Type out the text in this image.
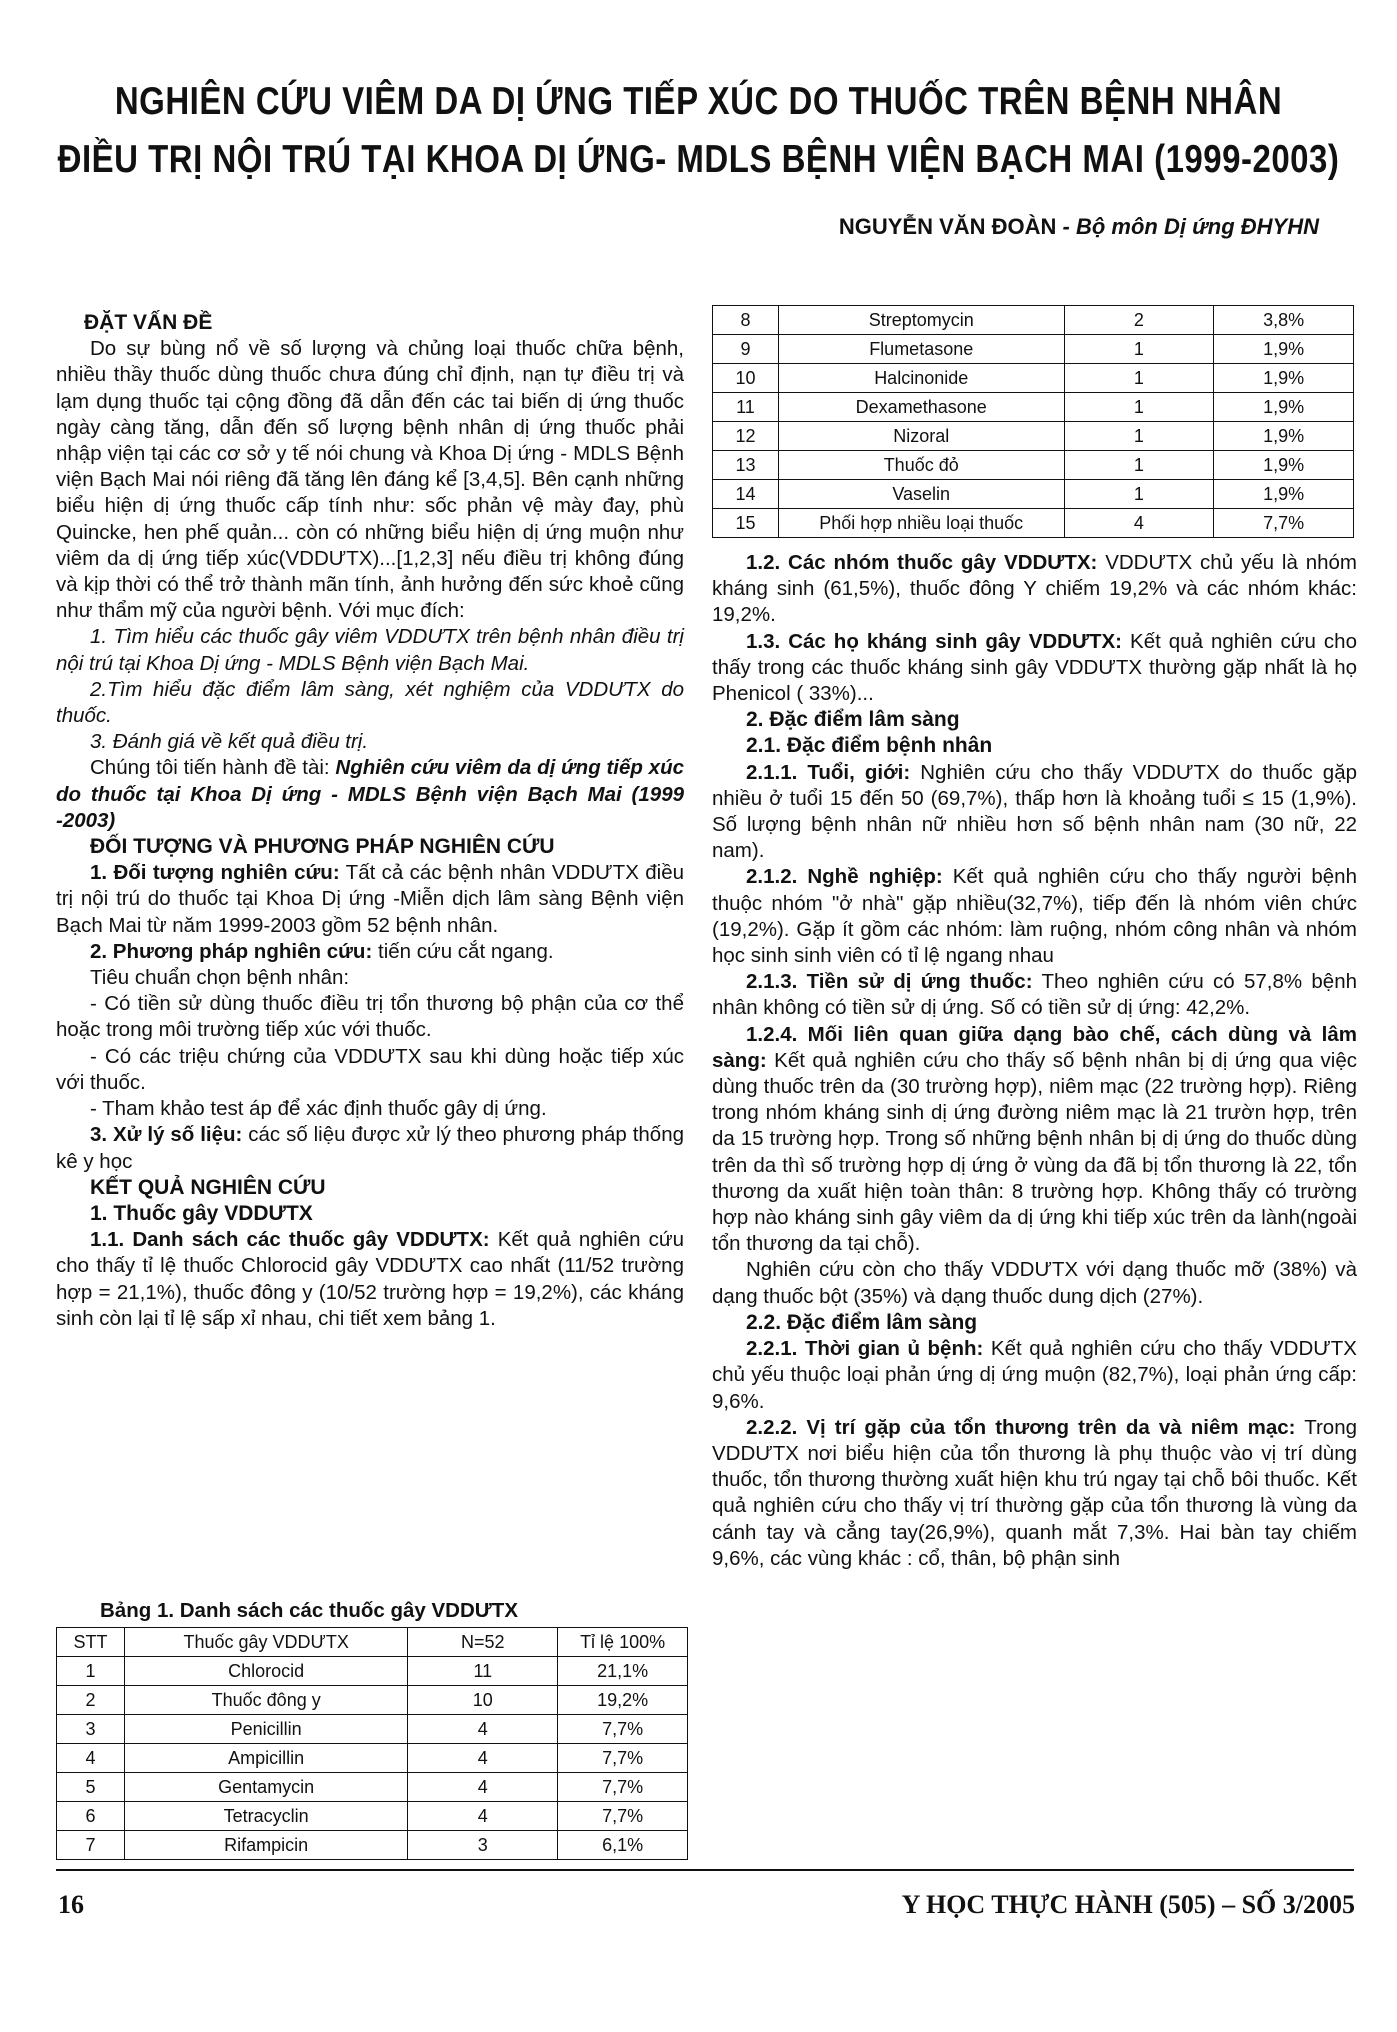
NGHIÊN CỨU VIÊM DA DỊ ỨNG TIẾP XÚC DO THUỐC TRÊN BỆNH NHÂN
ĐIỀU TRỊ NỘI TRÚ TẠI KHOA DỊ ỨNG- MDLS BỆNH VIỆN BẠCH MAI (1999-2003)
NGUYỄN VĂN ĐOÀN - Bộ môn Dị ứng ĐHYHN
ĐẶT VẤN ĐỀ

Do sự bùng nổ về số lượng và chủng loại thuốc chữa bệnh, nhiều thầy thuốc dùng thuốc chưa đúng chỉ định, nạn tự điều trị và lạm dụng thuốc tại cộng đồng đã dẫn đến các tai biến dị ứng thuốc ngày càng tăng, dẫn đến số lượng bệnh nhân dị ứng thuốc phải nhập viện tại các cơ sở y tế nói chung và Khoa Dị ứng - MDLS Bệnh viện Bạch Mai nói riêng đã tăng lên đáng kể [3,4,5]. Bên cạnh những biểu hiện dị ứng thuốc cấp tính như: sốc phản vệ mày đay, phù Quincke, hen phế quản... còn có những biểu hiện dị ứng muộn như viêm da dị ứng tiếp xúc(VDDƯTX)...[1,2,3] nếu điều trị không đúng và kịp thời có thể trở thành mãn tính, ảnh hưởng đến sức khoẻ cũng như thẩm mỹ của người bệnh. Với mục đích:

1. Tìm hiểu các thuốc gây viêm VDDƯTX trên bệnh nhân điều trị nội trú tại Khoa Dị ứng - MDLS Bệnh viện Bạch Mai.

2.Tìm hiểu đặc điểm lâm sàng, xét nghiệm của VDDƯTX do thuốc.

3. Đánh giá về kết quả điều trị.

Chúng tôi tiến hành đề tài: Nghiên cứu viêm da dị ứng tiếp xúc do thuốc tại Khoa Dị ứng - MDLS Bệnh viện Bạch Mai (1999 -2003)

ĐỐI TƯỢNG VÀ PHƯƠNG PHÁP NGHIÊN CỨU

1. Đối tượng nghiên cứu: Tất cả các bệnh nhân VDDƯTX điều trị nội trú do thuốc tại Khoa Dị ứng -Miễn dịch lâm sàng Bệnh viện Bạch Mai từ năm 1999-2003 gồm 52 bệnh nhân.

2. Phương pháp nghiên cứu: tiến cứu cắt ngang.

Tiêu chuẩn chọn bệnh nhân:

- Có tiền sử dùng thuốc điều trị tổn thương bộ phận của cơ thể hoặc trong môi trường tiếp xúc với thuốc.

- Có các triệu chứng của VDDƯTX sau khi dùng hoặc tiếp xúc với thuốc.

- Tham khảo test áp để xác định thuốc gây dị ứng.

3. Xử lý số liệu: các số liệu được xử lý theo phương pháp thống kê y học

KẾT QUẢ NGHIÊN CỨU
1. Thuốc gây VDDƯTX

1.1. Danh sách các thuốc gây VDDƯTX: Kết quả nghiên cứu cho thấy tỉ lệ thuốc Chlorocid gây VDDƯTX cao nhất (11/52 trường hợp = 21,1%), thuốc đông y (10/52 trường hợp = 19,2%), các kháng sinh còn lại tỉ lệ sấp xỉ nhau, chi tiết xem bảng 1.

Bảng 1. Danh sách các thuốc gây VDDƯTX
STT	Thuốc gây VDDƯTX	N=52	Tỉ lệ 100%
1	Chlorocid	11	21,1%
2	Thuốc đông y	10	19,2%
3	Penicillin	4	7,7%
4	Ampicillin	4	7,7%
5	Gentamycin	4	7,7%
6	Tetracyclin	4	7,7%
7	Rifampicin	3	6,1%
8	Streptomycin	2	3,8%
9	Flumetasone	1	1,9%
10	Halcinonide	1	1,9%
11	Dexamethasone	1	1,9%
12	Nizoral	1	1,9%
13	Thuốc đỏ	1	1,9%
14	Vaselin	1	1,9%
15	Phối hợp nhiều loại thuốc	4	7,7%

1.2. Các nhóm thuốc gây VDDƯTX: VDDƯTX chủ yếu là nhóm kháng sinh (61,5%), thuốc đông Y chiếm 19,2% và các nhóm khác: 19,2%.

1.3. Các họ kháng sinh gây VDDƯTX: Kết quả nghiên cứu cho thấy trong các thuốc kháng sinh gây VDDƯTX thường gặp nhất là họ Phenicol ( 33%)...

2. Đặc điểm lâm sàng
2.1. Đặc điểm bệnh nhân

2.1.1. Tuổi, giới: Nghiên cứu cho thấy VDDƯTX do thuốc gặp nhiều ở tuổi 15 đến 50 (69,7%), thấp hơn là khoảng tuổi ≤ 15 (1,9%). Số lượng bệnh nhân nữ nhiều hơn số bệnh nhân nam (30 nữ, 22 nam).

2.1.2. Nghề nghiệp: Kết quả nghiên cứu cho thấy người bệnh thuộc nhóm "ở nhà" gặp nhiều(32,7%), tiếp đến là nhóm viên chức (19,2%). Gặp ít gồm các nhóm: làm ruộng, nhóm công nhân và nhóm học sinh sinh viên có tỉ lệ ngang nhau

2.1.3. Tiền sử dị ứng thuốc: Theo nghiên cứu có 57,8% bệnh nhân không có tiền sử dị ứng. Số có tiền sử dị ứng: 42,2%.

1.2.4. Mối liên quan giữa dạng bào chế, cách dùng và lâm sàng: Kết quả nghiên cứu cho thấy số bệnh nhân bị dị ứng qua việc dùng thuốc trên da (30 trường hợp), niêm mạc (22 trường hợp). Riêng trong nhóm kháng sinh dị ứng đường niêm mạc là 21 trườn hợp, trên da 15 trường hợp. Trong số những bệnh nhân bị dị ứng do thuốc dùng trên da thì số trường hợp dị ứng ở vùng da đã bị tổn thương là 22, tổn thương da xuất hiện toàn thân: 8 trường hợp. Không thấy có trường hợp nào kháng sinh gây viêm da dị ứng khi tiếp xúc trên da lành(ngoài tổn thương da tại chỗ).

Nghiên cứu còn cho thấy VDDƯTX với dạng thuốc mỡ (38%) và dạng thuốc bột (35%) và dạng thuốc dung dịch (27%).

2.2. Đặc điểm lâm sàng

2.2.1. Thời gian ủ bệnh: Kết quả nghiên cứu cho thấy VDDƯTX chủ yếu thuộc loại phản ứng dị ứng muộn (82,7%), loại phản ứng cấp: 9,6%.

2.2.2. Vị trí gặp của tổn thương trên da và niêm mạc: Trong VDDƯTX nơi biểu hiện của tổn thương là phụ thuộc vào vị trí dùng thuốc, tổn thương thường xuất hiện khu trú ngay tại chỗ bôi thuốc. Kết quả nghiên cứu cho thấy vị trí thường gặp của tổn thương là vùng da cánh tay và cẳng tay(26,9%), quanh mắt 7,3%. Hai bàn tay chiếm 9,6%, các vùng khác : cổ, thân, bộ phận sinh

16	Y HỌC THỰC HÀNH (505) – SỐ 3/2005
